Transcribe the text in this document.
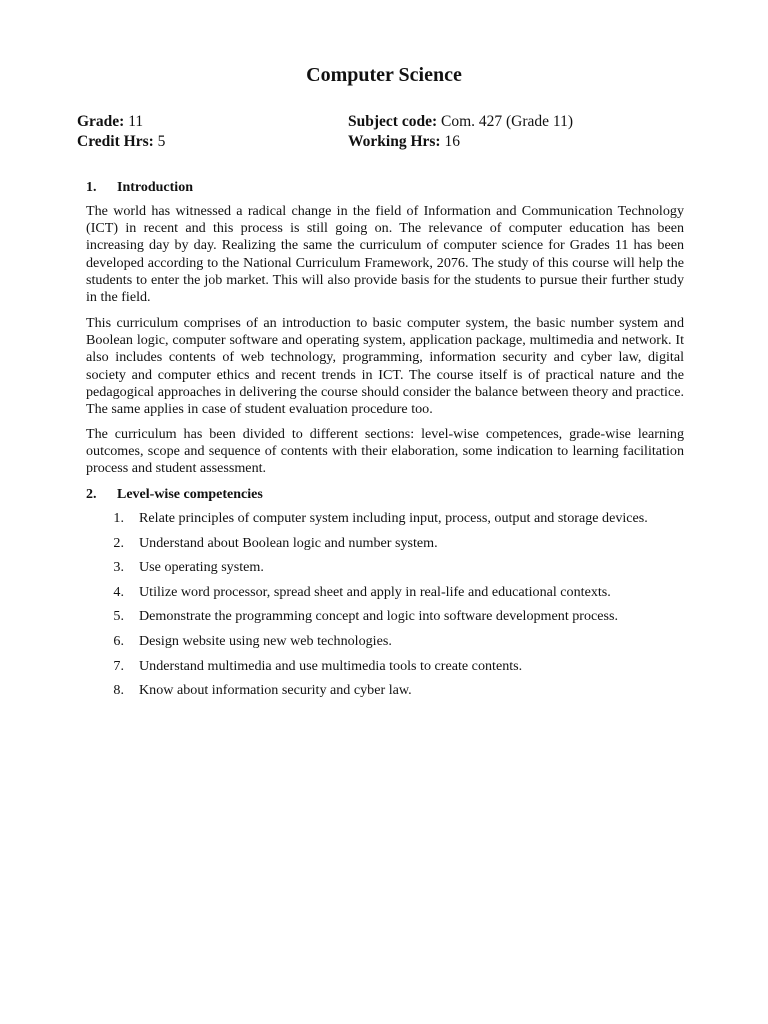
Computer Science
Grade: 11
Credit Hrs: 5
Subject code: Com. 427 (Grade 11)
Working Hrs: 16
1. Introduction

The world has witnessed a radical change in the field of Information and Communication Technology (ICT) in recent and this process is still going on. The relevance of computer education has been increasing day by day. Realizing the same the curriculum of computer science for Grades 11 has been developed according to the National Curriculum Framework, 2076. The study of this course will help the students to enter the job market. This will also provide basis for the students to pursue their further study in the field.

This curriculum comprises of an introduction to basic computer system, the basic number system and Boolean logic, computer software and operating system, application package, multimedia and network. It also includes contents of web technology, programming, information security and cyber law, digital society and computer ethics and recent trends in ICT. The course itself is of practical nature and the pedagogical approaches in delivering the course should consider the balance between theory and practice. The same applies in case of student evaluation procedure too.

The curriculum has been divided to different sections: level-wise competences, grade-wise learning outcomes, scope and sequence of contents with their elaboration, some indication to learning facilitation process and student assessment.

2. Level-wise competencies
1. Relate principles of computer system including input, process, output and storage devices.
2. Understand about Boolean logic and number system.
3. Use operating system.
4. Utilize word processor, spread sheet and apply in real-life and educational contexts.
5. Demonstrate the programming concept and logic into software development process.
6. Design website using new web technologies.
7. Understand multimedia and use multimedia tools to create contents.
8. Know about information security and cyber law.
